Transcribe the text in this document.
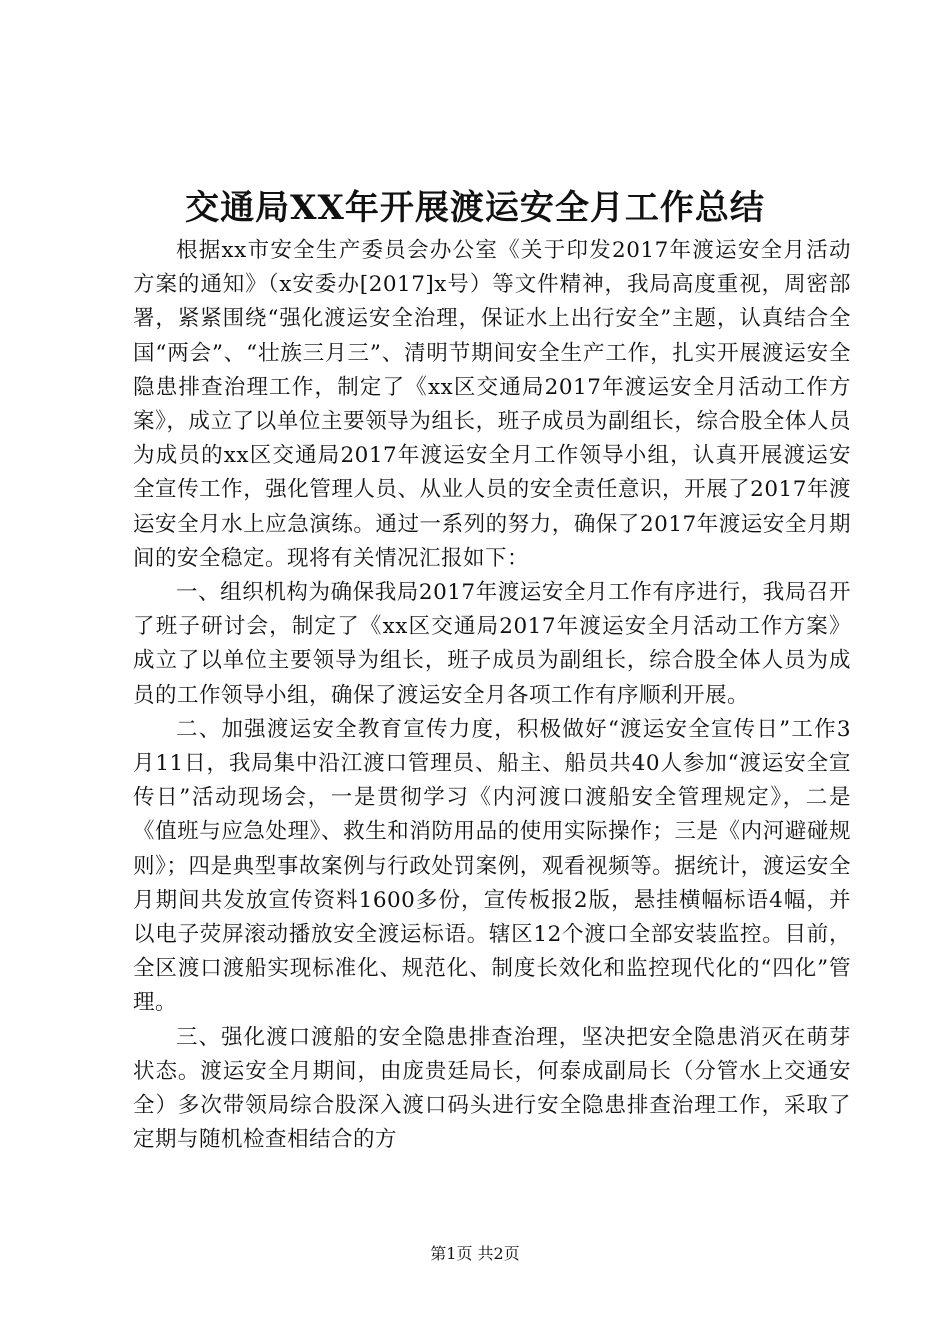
交通局XX年开展渡运安全月工作总结

根据xx市安全生产委员会办公室《关于印发2017年渡运安全月活动方案的通知》（x安委办[2017]x号）等文件精神，我局高度重视，周密部署，紧紧围绕“强化渡运安全治理，保证水上出行安全”主题，认真结合全国“两会”、“壮族三月三”、清明节期间安全生产工作，扎实开展渡运安全隐患排查治理工作，制定了《xx区交通局2017年渡运安全月活动工作方案》，成立了以单位主要领导为组长，班子成员为副组长，综合股全体人员为成员的xx区交通局2017年渡运安全月工作领导小组，认真开展渡运安全宣传工作，强化管理人员、从业人员的安全责任意识，开展了2017年渡运安全月水上应急演练。通过一系列的努力，确保了2017年渡运安全月期间的安全稳定。现将有关情况汇报如下：

一、组织机构为确保我局2017年渡运安全月工作有序进行，我局召开了班子研讨会，制定了《xx区交通局2017年渡运安全月活动工作方案》成立了以单位主要领导为组长，班子成员为副组长，综合股全体人员为成员的工作领导小组，确保了渡运安全月各项工作有序顺利开展。

二、加强渡运安全教育宣传力度，积极做好“渡运安全宣传日”工作3月11日，我局集中沿江渡口管理员、船主、船员共40人参加“渡运安全宣传日”活动现场会，一是贯彻学习《内河渡口渡船安全管理规定》，二是《值班与应急处理》、救生和消防用品的使用实际操作；三是《内河避碰规则》；四是典型事故案例与行政处罚案例，观看视频等。据统计，渡运安全月期间共发放宣传资料1600多份，宣传板报2版，悬挂横幅标语4幅，并以电子荧屏滚动播放安全渡运标语。辖区12个渡口全部安装监控。目前，全区渡口渡船实现标准化、规范化、制度长效化和监控现代化的“四化”管理。

三、强化渡口渡船的安全隐患排查治理，坚决把安全隐患消灭在萌芽状态。渡运安全月期间，由庞贵廷局长，何泰成副局长（分管水上交通安全）多次带领局综合股深入渡口码头进行安全隐患排查治理工作，采取了定期与随机检查相结合的方

第1页 共2页
